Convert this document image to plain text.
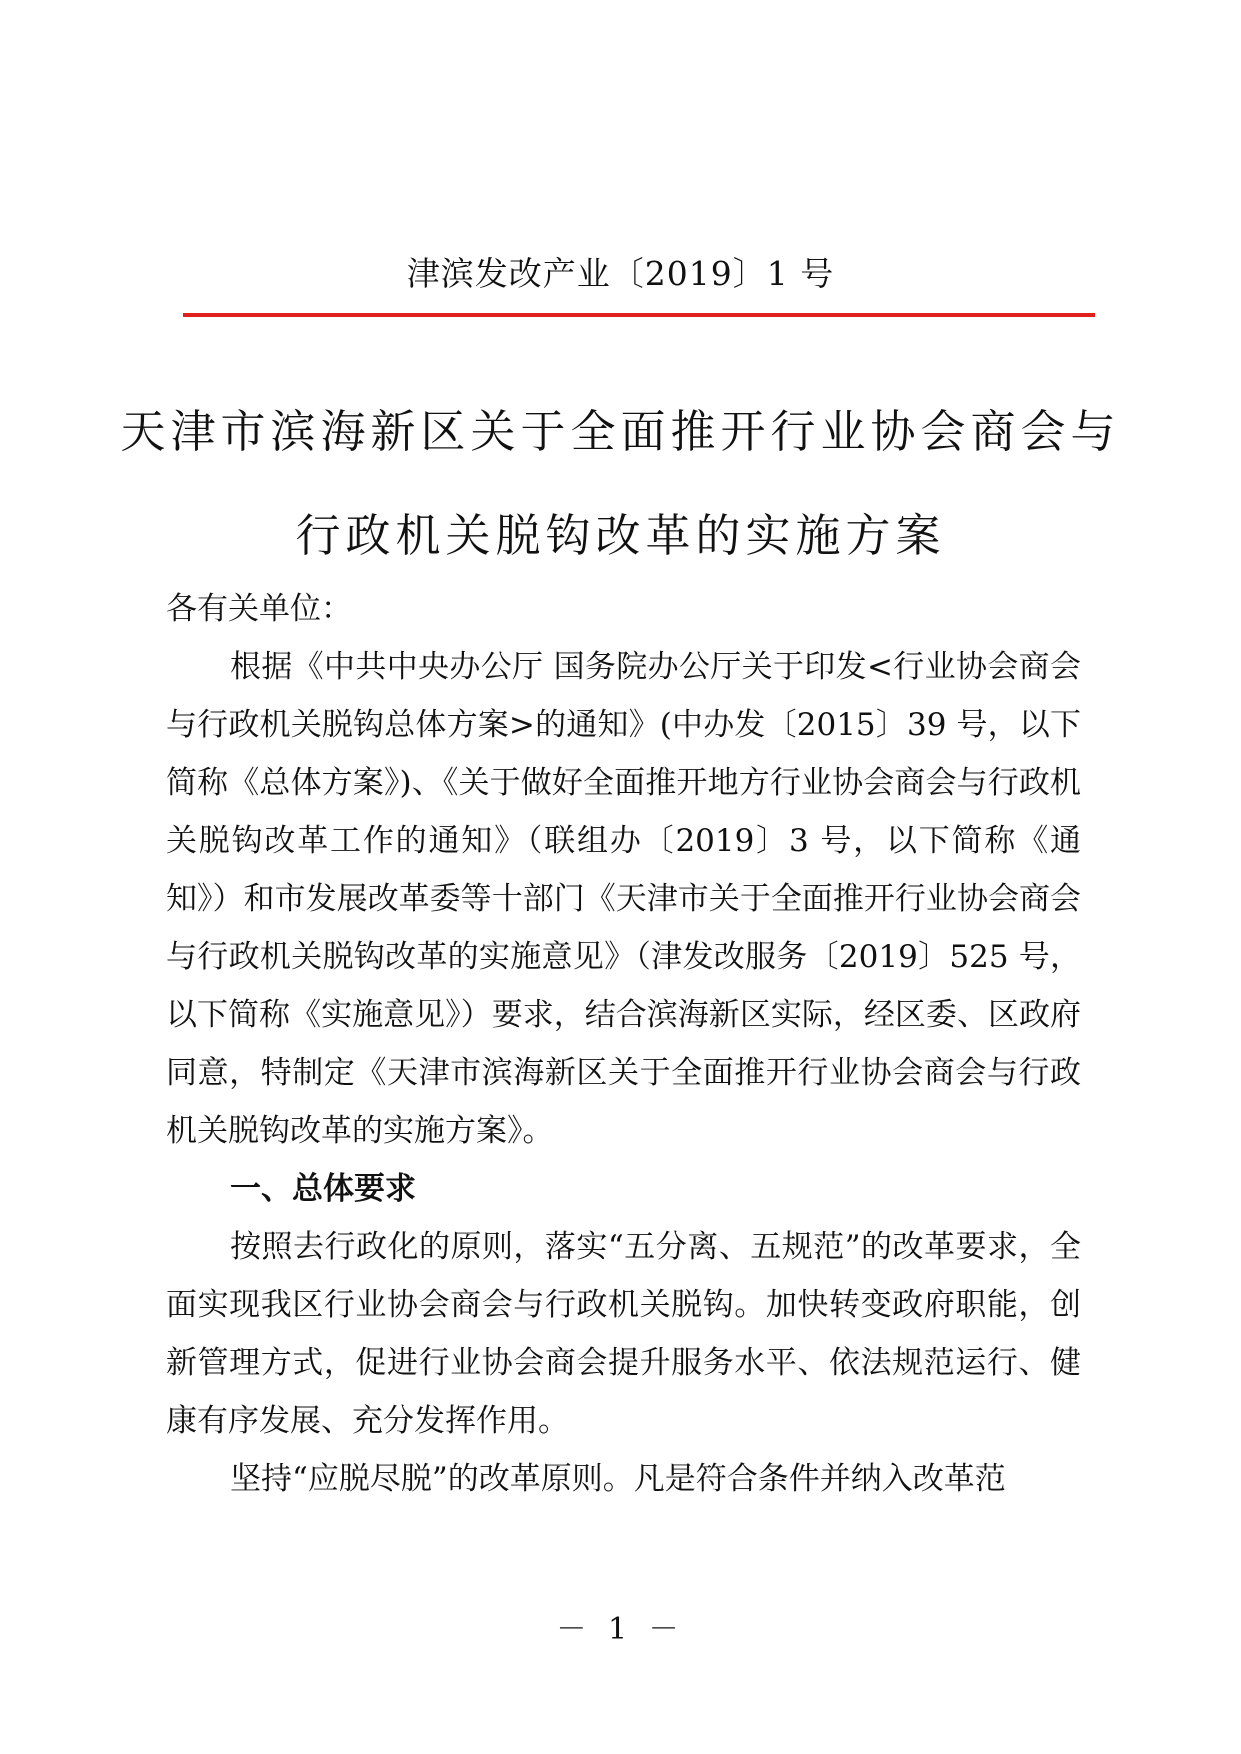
津滨发改产业〔2019〕1 号
天津市滨海新区关于全面推开行业协会商会与
行政机关脱钩改革的实施方案

各有关单位：

根据《中共中央办公厅 国务院办公厅关于印发<行业协会商会与行政机关脱钩总体方案>的通知》(中办发〔2015〕39 号，以下简称《总体方案》)、《关于做好全面推开地方行业协会商会与行政机关脱钩改革工作的通知》（联组办〔2019〕3 号，以下简称《通知》）和市发展改革委等十部门《天津市关于全面推开行业协会商会与行政机关脱钩改革的实施意见》（津发改服务〔2019〕525 号，以下简称《实施意见》）要求，结合滨海新区实际，经区委、区政府同意，特制定《天津市滨海新区关于全面推开行业协会商会与行政机关脱钩改革的实施方案》。

一、总体要求

按照去行政化的原则，落实“五分离、五规范”的改革要求，全面实现我区行业协会商会与行政机关脱钩。加快转变政府职能，创新管理方式，促进行业协会商会提升服务水平、依法规范运行、健康有序发展、充分发挥作用。

坚持“应脱尽脱”的改革原则。凡是符合条件并纳入改革范

－ 1 －
